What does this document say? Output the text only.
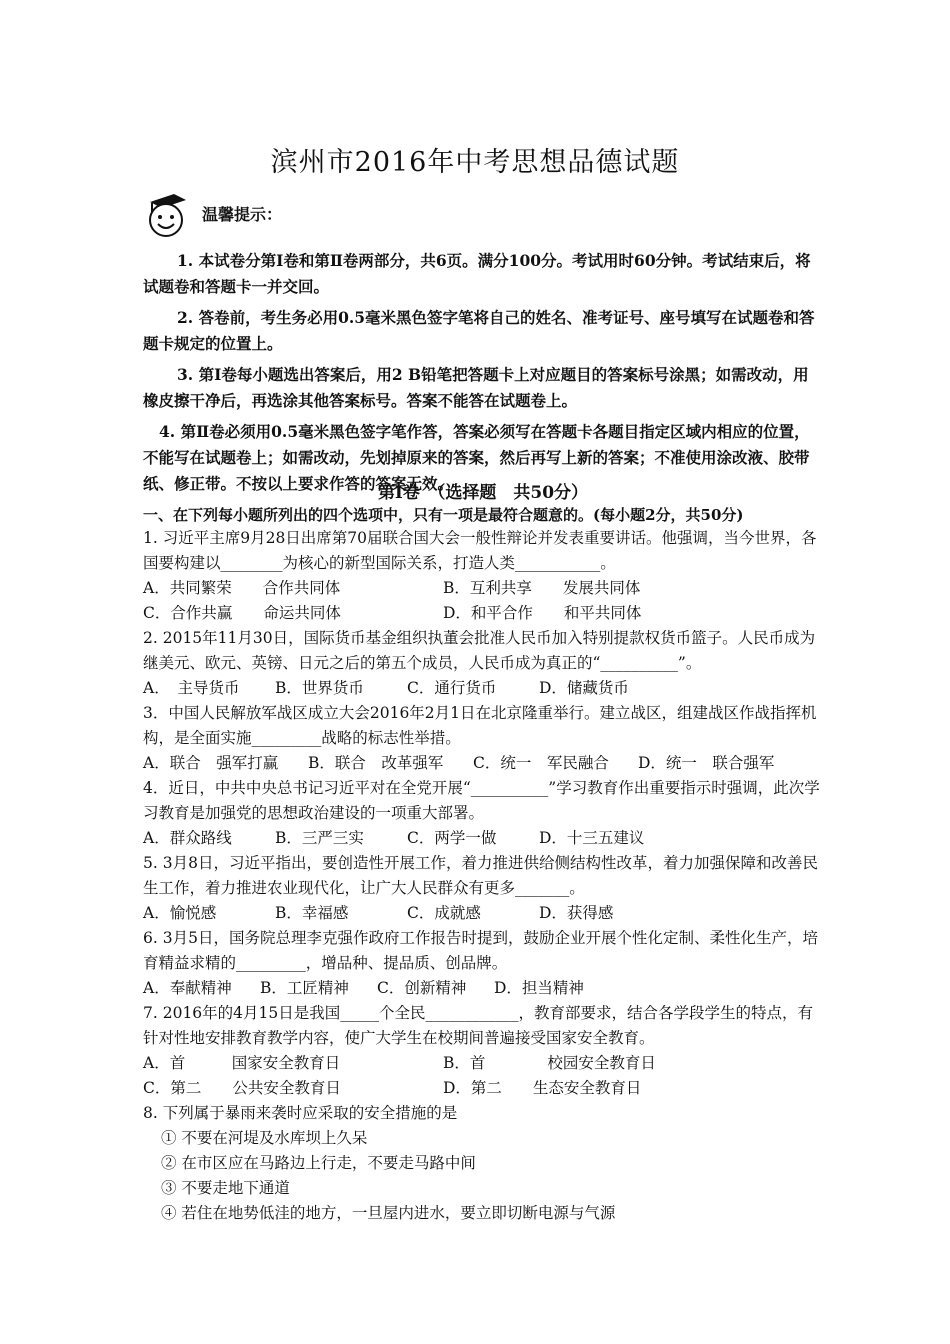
滨州市2016年中考思想品德试题
温馨提示：

1. 本试卷分第Ⅰ卷和第Ⅱ卷两部分，共6页。满分100分。考试用时60分钟。考试结束后，将试题卷和答题卡一并交回。

2. 答卷前，考生务必用0.5毫米黑色签字笔将自己的姓名、准考证号、座号填写在试题卷和答题卡规定的位置上。

3. 第Ⅰ卷每小题选出答案后，用2 B铅笔把答题卡上对应题目的答案标号涂黑；如需改动，用橡皮擦干净后，再选涂其他答案标号。答案不能答在试题卷上。

4. 第Ⅱ卷必须用0.5毫米黑色签字笔作答，答案必须写在答题卡各题目指定区域内相应的位置，不能写在试题卷上；如需改动，先划掉原来的答案，然后再写上新的答案；不准使用涂改液、胶带纸、修正带。不按以上要求作答的答案无效。

第Ⅰ卷　（选择题　共50分）
一、在下列每小题所列出的四个选项中，只有一项是最符合题意的。(每小题2分，共50分)

1. 习近平主席9月28日出席第70届联合国大会一般性辩论并发表重要讲话。他强调，当今世界，各国要构建以________为核心的新型国际关系，打造人类___________。

A．共同繁荣　　合作共同体	B．互利共享　　发展共同体
C．合作共赢　　命运共同体	D．和平合作　　和平共同体

2. 2015年11月30日，国际货币基金组织执董会批准人民币加入特别提款权货币篮子。人民币成为继美元、欧元、英镑、日元之后的第五个成员，人民币成为真正的“__________”。

A．　主导货币	B．世界货币	C．通行货币	D．储藏货币

3．中国人民解放军战区成立大会2016年2月1日在北京隆重举行。建立战区，组建战区作战指挥机构，是全面实施_________战略的标志性举措。

A．联合　强军打赢	B．联合　改革强军	C．统一　军民融合	D．统一　联合强军

4．近日，中共中央总书记习近平对在全党开展“__________”学习教育作出重要指示时强调，此次学习教育是加强党的思想政治建设的一项重大部署。

A．群众路线	B．三严三实	C．两学一做	D．十三五建议

5. 3月8日，习近平指出，要创造性开展工作，着力推进供给侧结构性改革，着力加强保障和改善民生工作，着力推进农业现代化，让广大人民群众有更多_______。

A．愉悦感	B．幸福感	C．成就感	D．获得感

6. 3月5日，国务院总理李克强作政府工作报告时提到，鼓励企业开展个性化定制、柔性化生产，培育精益求精的_________，增品种、提品质、创品牌。

A．奉献精神	B．工匠精神	C．创新精神	D．担当精神

7. 2016年的4月15日是我国_____个全民____________，教育部要求，结合各学段学生的特点，有针对性地安排教育教学内容，使广大学生在校期间普遍接受国家安全教育。

A．首　　　国家安全教育日	B．首　　　　校园安全教育日
C．第二　　公共安全教育日	D．第二　　生态安全教育日

8. 下列属于暴雨来袭时应采取的安全措施的是

① 不要在河堤及水库坝上久呆
② 在市区应在马路边上行走，不要走马路中间
③ 不要走地下通道
④ 若住在地势低洼的地方，一旦屋内进水，要立即切断电源与气源
